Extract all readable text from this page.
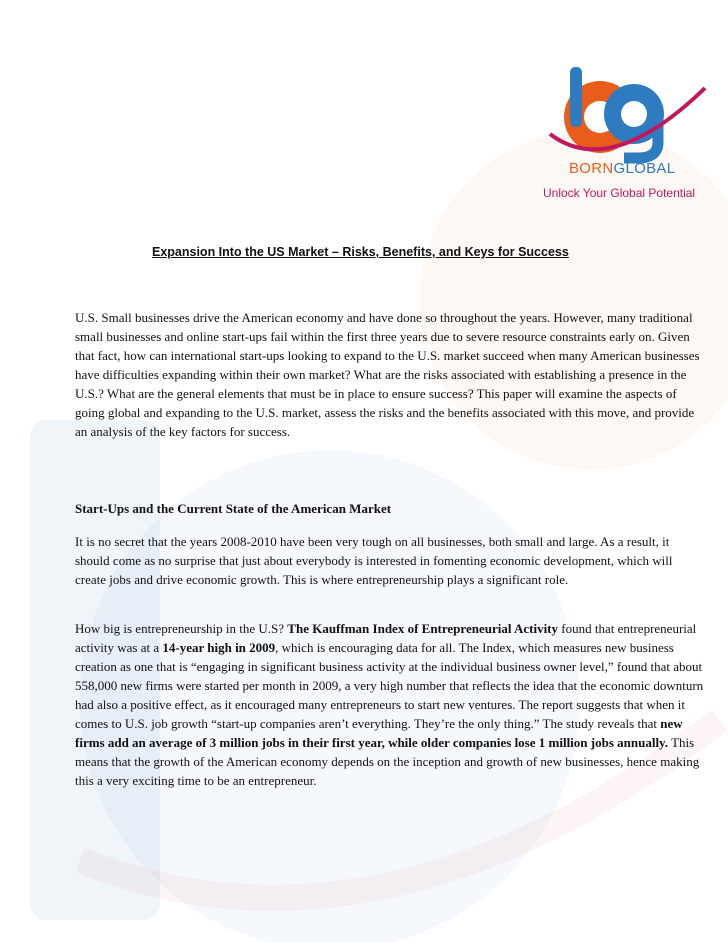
BORNGLOBAL
Unlock Your Global Potential
Expansion Into the US Market – Risks, Benefits, and Keys for Success

U.S. Small businesses drive the American economy and have done so throughout the years. However, many traditional small businesses and online start-ups fail within the first three years due to severe resource constraints early on. Given that fact, how can international start-ups looking to expand to the U.S. market succeed when many American businesses have difficulties expanding within their own market? What are the risks associated with establishing a presence in the U.S.? What are the general elements that must be in place to ensure success? This paper will examine the aspects of going global and expanding to the U.S. market, assess the risks and the benefits associated with this move, and provide an analysis of the key factors for success.

Start-Ups and the Current State of the American Market

It is no secret that the years 2008-2010 have been very tough on all businesses, both small and large. As a result, it should come as no surprise that just about everybody is interested in fomenting economic development, which will create jobs and drive economic growth. This is where entrepreneurship plays a significant role.

How big is entrepreneurship in the U.S? The Kauffman Index of Entrepreneurial Activity found that entrepreneurial activity was at a 14-year high in 2009, which is encouraging data for all. The Index, which measures new business creation as one that is “engaging in significant business activity at the individual business owner level,” found that about 558,000 new firms were started per month in 2009, a very high number that reflects the idea that the economic downturn had also a positive effect, as it encouraged many entrepreneurs to start new ventures. The report suggests that when it comes to U.S. job growth “start-up companies aren’t everything. They’re the only thing.” The study reveals that new firms add an average of 3 million jobs in their first year, while older companies lose 1 million jobs annually. This means that the growth of the American economy depends on the inception and growth of new businesses, hence making this a very exciting time to be an entrepreneur.
